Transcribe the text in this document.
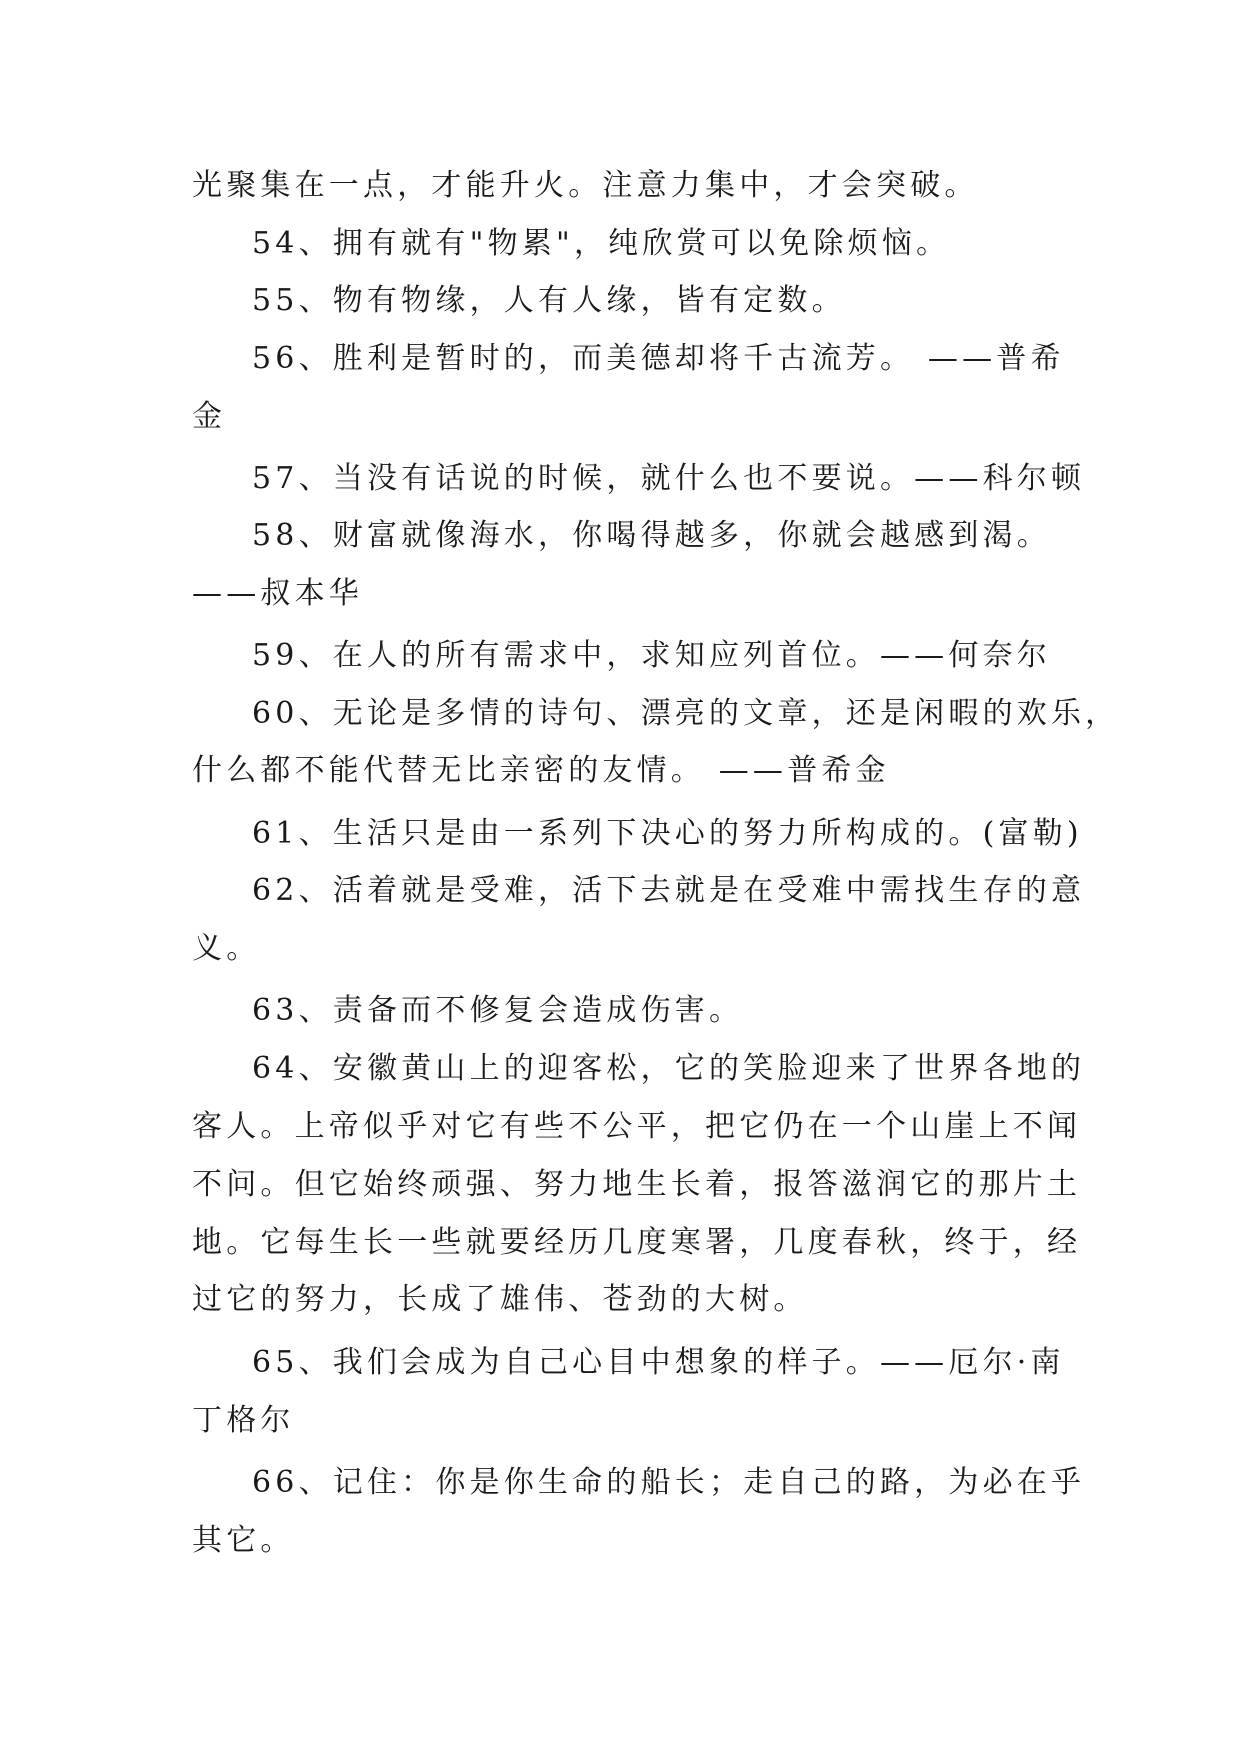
光聚集在一点，才能升火。注意力集中，才会突破。
54、拥有就有"物累"，纯欣赏可以免除烦恼。
55、物有物缘，人有人缘，皆有定数。
56、胜利是暂时的，而美德却将千古流芳。 ——普希
金
57、当没有话说的时候，就什么也不要说。——科尔顿
58、财富就像海水，你喝得越多，你就会越感到渴。
——叔本华
59、在人的所有需求中，求知应列首位。——何奈尔
60、无论是多情的诗句、漂亮的文章，还是闲暇的欢乐，
什么都不能代替无比亲密的友情。 ——普希金
61、生活只是由一系列下决心的努力所构成的。(富勒)
62、活着就是受难，活下去就是在受难中需找生存的意
义。
63、责备而不修复会造成伤害。
64、安徽黄山上的迎客松，它的笑脸迎来了世界各地的
客人。上帝似乎对它有些不公平，把它仍在一个山崖上不闻
不问。但它始终顽强、努力地生长着，报答滋润它的那片土
地。它每生长一些就要经历几度寒署，几度春秋，终于，经
过它的努力，长成了雄伟、苍劲的大树。
65、我们会成为自己心目中想象的样子。——厄尔·南
丁格尔
66、记住：你是你生命的船长；走自己的路，为必在乎
其它。
